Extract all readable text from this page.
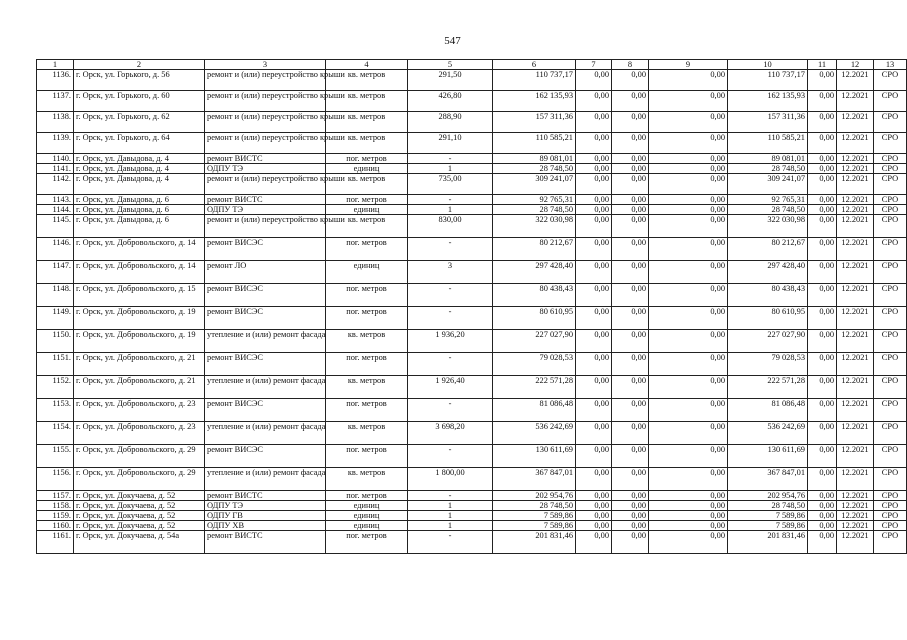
547
1	2	3	4	5	6	7	8	9	10	11	12	13
1136.	г. Орск, ул. Горького, д. 56	ремонт и (или) переустройство крыши	кв. метров	291,50	110 737,17	0,00	0,00	0,00	110 737,17	0,00	12.2021	СРО
1137.	г. Орск, ул. Горького, д. 60	ремонт и (или) переустройство крыши	кв. метров	426,80	162 135,93	0,00	0,00	0,00	162 135,93	0,00	12.2021	СРО
1138.	г. Орск, ул. Горького, д. 62	ремонт и (или) переустройство крыши	кв. метров	288,90	157 311,36	0,00	0,00	0,00	157 311,36	0,00	12.2021	СРО
1139.	г. Орск, ул. Горького, д. 64	ремонт и (или) переустройство крыши	кв. метров	291,10	110 585,21	0,00	0,00	0,00	110 585,21	0,00	12.2021	СРО
1140.	г. Орск, ул. Давыдова, д. 4	ремонт ВИСТС	пог. метров	-	89 081,01	0,00	0,00	0,00	89 081,01	0,00	12.2021	СРО
1141.	г. Орск, ул. Давыдова, д. 4	ОДПУ ТЭ	единиц	1	28 748,50	0,00	0,00	0,00	28 748,50	0,00	12.2021	СРО
1142.	г. Орск, ул. Давыдова, д. 4	ремонт и (или) переустройство крыши	кв. метров	735,00	309 241,07	0,00	0,00	0,00	309 241,07	0,00	12.2021	СРО
1143.	г. Орск, ул. Давыдова, д. 6	ремонт ВИСТС	пог. метров	-	92 765,31	0,00	0,00	0,00	92 765,31	0,00	12.2021	СРО
1144.	г. Орск, ул. Давыдова, д. 6	ОДПУ ТЭ	единиц	1	28 748,50	0,00	0,00	0,00	28 748,50	0,00	12.2021	СРО
1145.	г. Орск, ул. Давыдова, д. 6	ремонт и (или) переустройство крыши	кв. метров	830,00	322 030,98	0,00	0,00	0,00	322 030,98	0,00	12.2021	СРО
1146.	г. Орск, ул. Добровольского, д. 14	ремонт ВИСЭС	пог. метров	-	80 212,67	0,00	0,00	0,00	80 212,67	0,00	12.2021	СРО
1147.	г. Орск, ул. Добровольского, д. 14	ремонт ЛО	единиц	3	297 428,40	0,00	0,00	0,00	297 428,40	0,00	12.2021	СРО
1148.	г. Орск, ул. Добровольского, д. 15	ремонт ВИСЭС	пог. метров	-	80 438,43	0,00	0,00	0,00	80 438,43	0,00	12.2021	СРО
1149.	г. Орск, ул. Добровольского, д. 19	ремонт ВИСЭС	пог. метров	-	80 610,95	0,00	0,00	0,00	80 610,95	0,00	12.2021	СРО
1150.	г. Орск, ул. Добровольского, д. 19	утепление и (или) ремонт фасада	кв. метров	1 936,20	227 027,90	0,00	0,00	0,00	227 027,90	0,00	12.2021	СРО
1151.	г. Орск, ул. Добровольского, д. 21	ремонт ВИСЭС	пог. метров	-	79 028,53	0,00	0,00	0,00	79 028,53	0,00	12.2021	СРО
1152.	г. Орск, ул. Добровольского, д. 21	утепление и (или) ремонт фасада	кв. метров	1 926,40	222 571,28	0,00	0,00	0,00	222 571,28	0,00	12.2021	СРО
1153.	г. Орск, ул. Добровольского, д. 23	ремонт ВИСЭС	пог. метров	-	81 086,48	0,00	0,00	0,00	81 086,48	0,00	12.2021	СРО
1154.	г. Орск, ул. Добровольского, д. 23	утепление и (или) ремонт фасада	кв. метров	3 698,20	536 242,69	0,00	0,00	0,00	536 242,69	0,00	12.2021	СРО
1155.	г. Орск, ул. Добровольского, д. 29	ремонт ВИСЭС	пог. метров	-	130 611,69	0,00	0,00	0,00	130 611,69	0,00	12.2021	СРО
1156.	г. Орск, ул. Добровольского, д. 29	утепление и (или) ремонт фасада	кв. метров	1 800,00	367 847,01	0,00	0,00	0,00	367 847,01	0,00	12.2021	СРО
1157.	г. Орск, ул. Докучаева, д. 52	ремонт ВИСТС	пог. метров	-	202 954,76	0,00	0,00	0,00	202 954,76	0,00	12.2021	СРО
1158.	г. Орск, ул. Докучаева, д. 52	ОДПУ ТЭ	единиц	1	28 748,50	0,00	0,00	0,00	28 748,50	0,00	12.2021	СРО
1159.	г. Орск, ул. Докучаева, д. 52	ОДПУ ГВ	единиц	1	7 589,86	0,00	0,00	0,00	7 589,86	0,00	12.2021	СРО
1160.	г. Орск, ул. Докучаева, д. 52	ОДПУ ХВ	единиц	1	7 589,86	0,00	0,00	0,00	7 589,86	0,00	12.2021	СРО
1161.	г. Орск, ул. Докучаева, д. 54а	ремонт ВИСТС	пог. метров	-	201 831,46	0,00	0,00	0,00	201 831,46	0,00	12.2021	СРО
